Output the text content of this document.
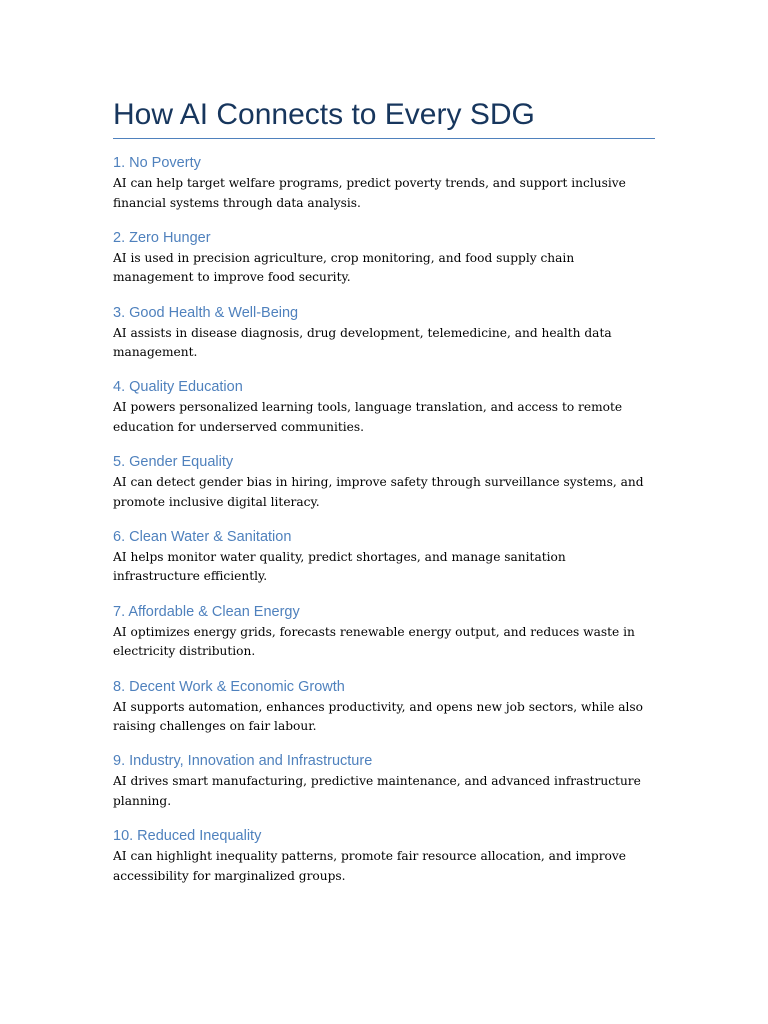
How AI Connects to Every SDG
1. No Poverty

AI can help target welfare programs, predict poverty trends, and support inclusive financial systems through data analysis.

2. Zero Hunger

AI is used in precision agriculture, crop monitoring, and food supply chain management to improve food security.

3. Good Health & Well-Being

AI assists in disease diagnosis, drug development, telemedicine, and health data management.

4. Quality Education

AI powers personalized learning tools, language translation, and access to remote education for underserved communities.

5. Gender Equality

AI can detect gender bias in hiring, improve safety through surveillance systems, and promote inclusive digital literacy.

6. Clean Water & Sanitation

AI helps monitor water quality, predict shortages, and manage sanitation infrastructure efficiently.

7. Affordable & Clean Energy

AI optimizes energy grids, forecasts renewable energy output, and reduces waste in electricity distribution.

8. Decent Work & Economic Growth

AI supports automation, enhances productivity, and opens new job sectors, while also raising challenges on fair labour.

9. Industry, Innovation and Infrastructure

AI drives smart manufacturing, predictive maintenance, and advanced infrastructure planning.

10. Reduced Inequality

AI can highlight inequality patterns, promote fair resource allocation, and improve accessibility for marginalized groups.
